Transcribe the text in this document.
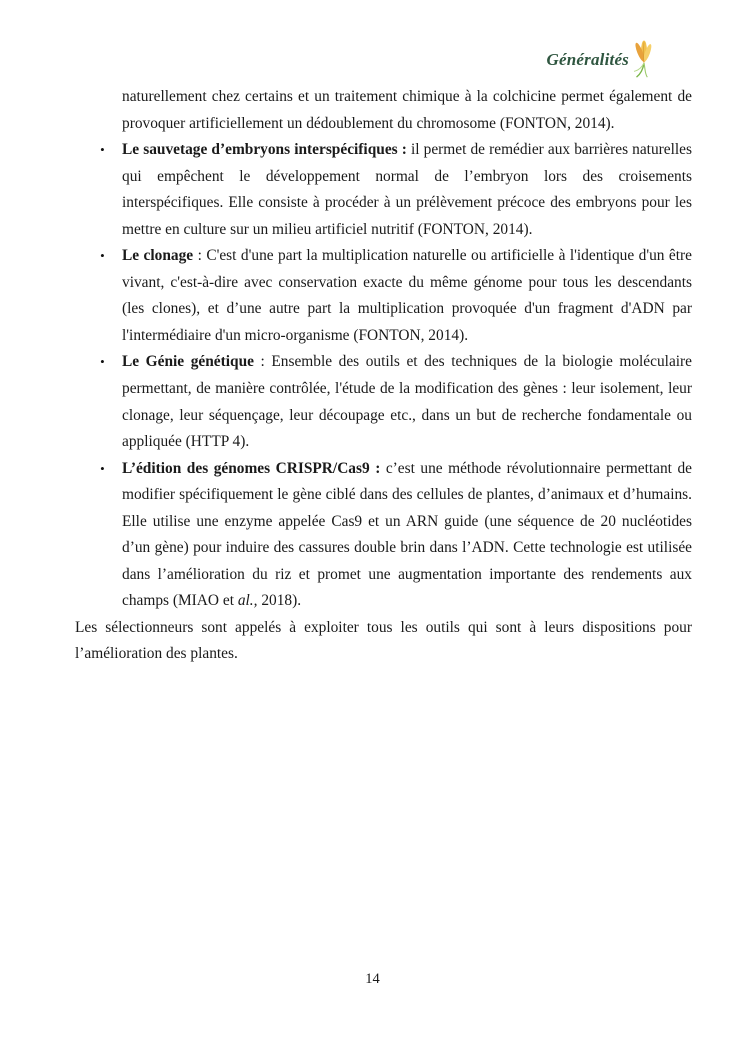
Généralités

naturellement chez certains et un traitement chimique à la colchicine permet également de provoquer artificiellement un dédoublement du chromosome (FONTON, 2014).

• Le sauvetage d’embryons interspécifiques : il permet de remédier aux barrières naturelles qui empêchent le développement normal de l’embryon lors des croisements interspécifiques. Elle consiste à procéder à un prélèvement précoce des embryons pour les mettre en culture sur un milieu artificiel nutritif (FONTON, 2014).
• Le clonage : C'est d'une part la multiplication naturelle ou artificielle à l'identique d'un être vivant, c'est-à-dire avec conservation exacte du même génome pour tous les descendants (les clones), et d’une autre part la multiplication provoquée d'un fragment d'ADN par l'intermédiaire d'un micro-organisme (FONTON, 2014).
• Le Génie génétique : Ensemble des outils et des techniques de la biologie moléculaire permettant, de manière contrôlée, l'étude de la modification des gènes : leur isolement, leur clonage, leur séquençage, leur découpage etc., dans un but de recherche fondamentale ou appliquée (HTTP 4).
• L’édition des génomes CRISPR/Cas9 : c’est une méthode révolutionnaire permettant de modifier spécifiquement le gène ciblé dans des cellules de plantes, d’animaux et d’humains. Elle utilise une enzyme appelée Cas9 et un ARN guide (une séquence de 20 nucléotides d’un gène) pour induire des cassures double brin dans l’ADN. Cette technologie est utilisée dans l’amélioration du riz et promet une augmentation importante des rendements aux champs (MIAO et al., 2018).

Les sélectionneurs sont appelés à exploiter tous les outils qui sont à leurs dispositions pour l’amélioration des plantes.

14
